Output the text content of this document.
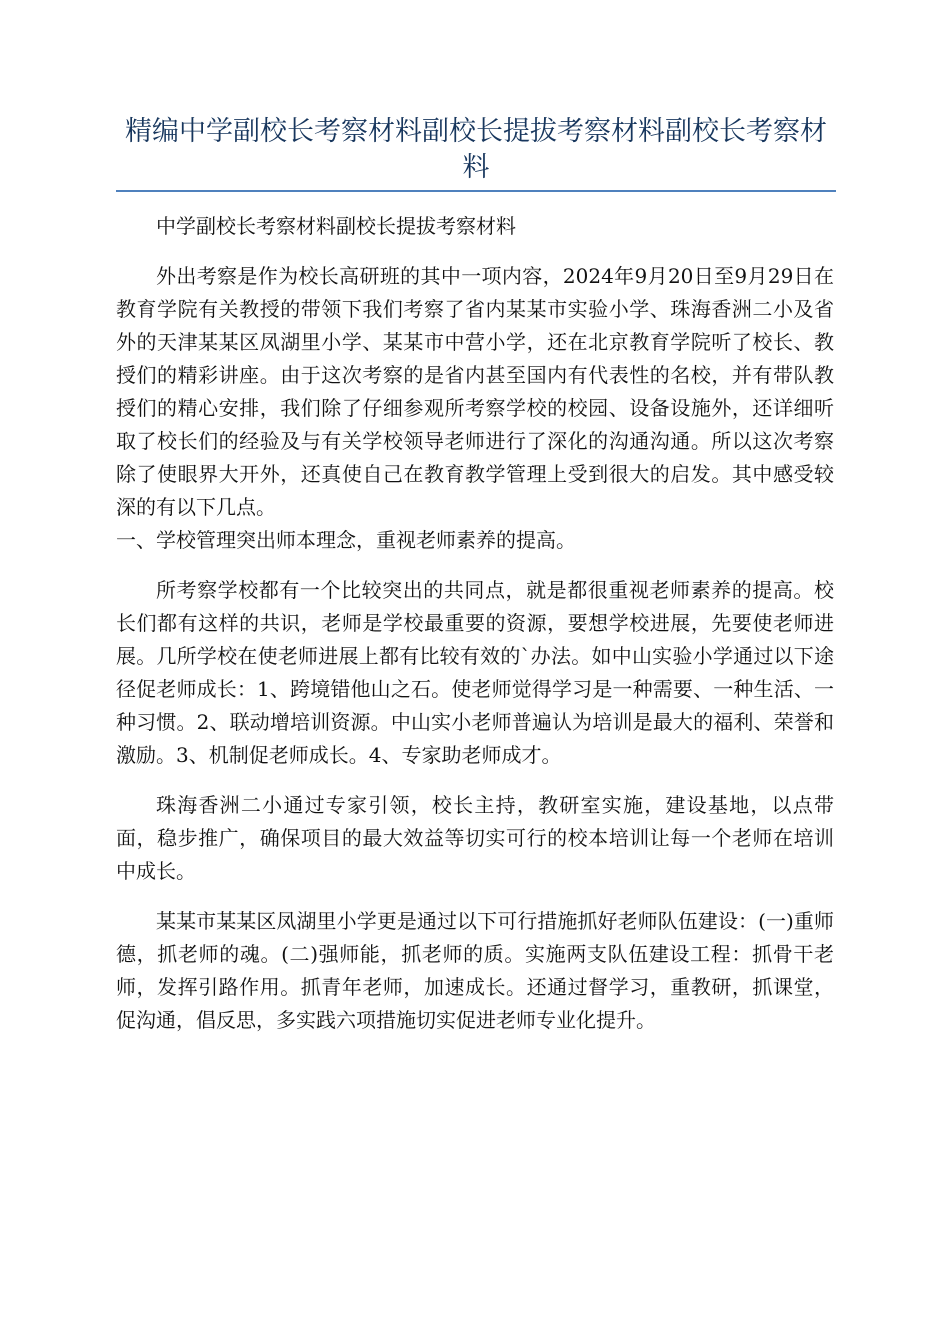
精编中学副校长考察材料副校长提拔考察材料副校长考察材料

中学副校长考察材料副校长提拔考察材料

外出考察是作为校长高研班的其中一项内容，2024年9月20日至9月29日在教育学院有关教授的带领下我们考察了省内某某市实验小学、珠海香洲二小及省外的天津某某区凤湖里小学、某某市中营小学，还在北京教育学院听了校长、教授们的精彩讲座。由于这次考察的是省内甚至国内有代表性的名校，并有带队教授们的精心安排，我们除了仔细参观所考察学校的校园、设备设施外，还详细听取了校长们的经验及与有关学校领导老师进行了深化的沟通沟通。所以这次考察除了使眼界大开外，还真使自己在教育教学管理上受到很大的启发。其中感受较深的有以下几点。

一、学校管理突出师本理念，重视老师素养的提高。

所考察学校都有一个比较突出的共同点，就是都很重视老师素养的提高。校长们都有这样的共识，老师是学校最重要的资源，要想学校进展，先要使老师进展。几所学校在使老师进展上都有比较有效的`办法。如中山实验小学通过以下途径促老师成长：1、跨境错他山之石。使老师觉得学习是一种需要、一种生活、一种习惯。2、联动增培训资源。中山实小老师普遍认为培训是最大的福利、荣誉和激励。3、机制促老师成长。4、专家助老师成才。

珠海香洲二小通过专家引领，校长主持，教研室实施，建设基地，以点带面，稳步推广，确保项目的最大效益等切实可行的校本培训让每一个老师在培训中成长。

某某市某某区凤湖里小学更是通过以下可行措施抓好老师队伍建设：(一)重师德，抓老师的魂。(二)强师能，抓老师的质。实施两支队伍建设工程：抓骨干老师，发挥引路作用。抓青年老师，加速成长。还通过督学习，重教研，抓课堂，促沟通，倡反思，多实践六项措施切实促进老师专业化提升。
